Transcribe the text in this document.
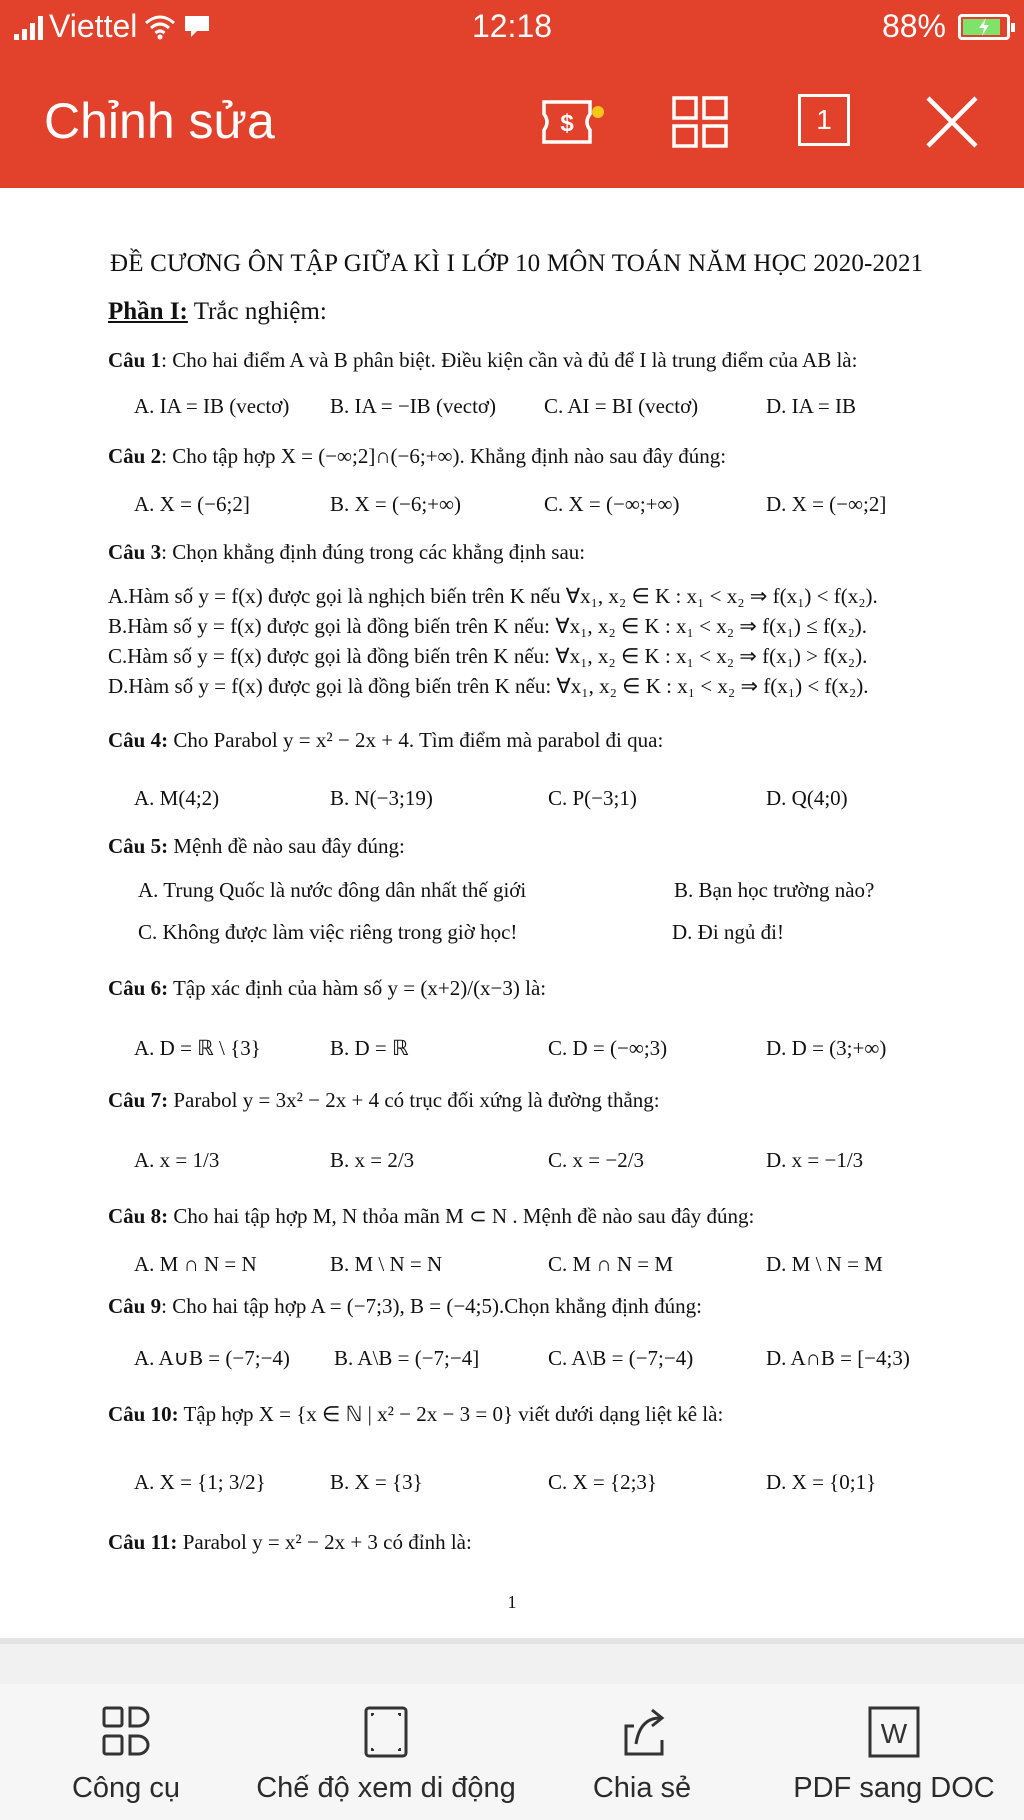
Viettel	12:18	88%
Chỉnh sửa	$	1
ĐỀ CƯƠNG ÔN TẬP GIỮA KÌ I LỚP 10 MÔN TOÁN NĂM HỌC 2020-2021
Phần I: Trắc nghiệm:
Câu 1: Cho hai điểm A và B phân biệt. Điều kiện cần và đủ để I là trung điểm của AB là:
A. IA = IB (vectơ) B. IA = −IB (vectơ) C. AI = BI (vectơ)	D. IA = IB
Câu 2: Cho tập hợp X = (−∞;2]∩(−6;+∞). Khẳng định nào sau đây đúng:
A. X = (−6;2]	B. X = (−6;+∞)	C. X = (−∞;+∞)	D. X = (−∞;2]
Câu 3: Chọn khẳng định đúng trong các khẳng định sau:
A.Hàm số y = f(x) được gọi là nghịch biến trên K nếu ∀x₁, x₂ ∈ K : x₁ < x₂ ⇒ f(x₁) < f(x₂).
B.Hàm số y = f(x) được gọi là đồng biến trên K nếu: ∀x₁, x₂ ∈ K : x₁ < x₂ ⇒ f(x₁) ≤ f(x₂).
C.Hàm số y = f(x) được gọi là đồng biến trên K nếu: ∀x₁, x₂ ∈ K : x₁ < x₂ ⇒ f(x₁) > f(x₂).
D.Hàm số y = f(x) được gọi là đồng biến trên K nếu: ∀x₁, x₂ ∈ K : x₁ < x₂ ⇒ f(x₁) < f(x₂).
Câu 4: Cho Parabol y = x² − 2x + 4. Tìm điểm mà parabol đi qua:
A. M(4;2)	B. N(−3;19)	C. P(−3;1)	D. Q(4;0)
Câu 5: Mệnh đề nào sau đây đúng:
A. Trung Quốc là nước đông dân nhất thế giới	B. Bạn học trường nào?
C. Không được làm việc riêng trong giờ học!	D. Đi ngủ đi!
Câu 6: Tập xác định của hàm số y = (x+2)/(x−3) là:
A. D = ℝ \ {3}	B. D = ℝ	C. D = (−∞;3)	D. D = (3;+∞)
Câu 7: Parabol y = 3x² − 2x + 4 có trục đối xứng là đường thẳng:
A. x = 1/3	B. x = 2/3	C. x = −2/3	D. x = −1/3
Câu 8: Cho hai tập hợp M, N thỏa mãn M ⊂ N . Mệnh đề nào sau đây đúng:
A. M ∩ N = N	B. M \ N = N	C. M ∩ N = M	D. M \ N = M
Câu 9: Cho hai tập hợp A = (−7;3), B = (−4;5).Chọn khẳng định đúng:
A. A∪B = (−7;−4) B. A\B = (−7;−4]	C. A\B = (−7;−4)	D. A∩B = [−4;3)
Câu 10: Tập hợp X = {x ∈ ℕ | x² − 2x − 3 = 0} viết dưới dạng liệt kê là:
A. X = {1; 3/2}	B. X = {3}	C. X = {2;3}	D. X = {0;1}
Câu 11: Parabol y = x² − 2x + 3 có đỉnh là:
1
Công cụ	Chế độ xem di động	Chia sẻ
W
PDF sang DOC
